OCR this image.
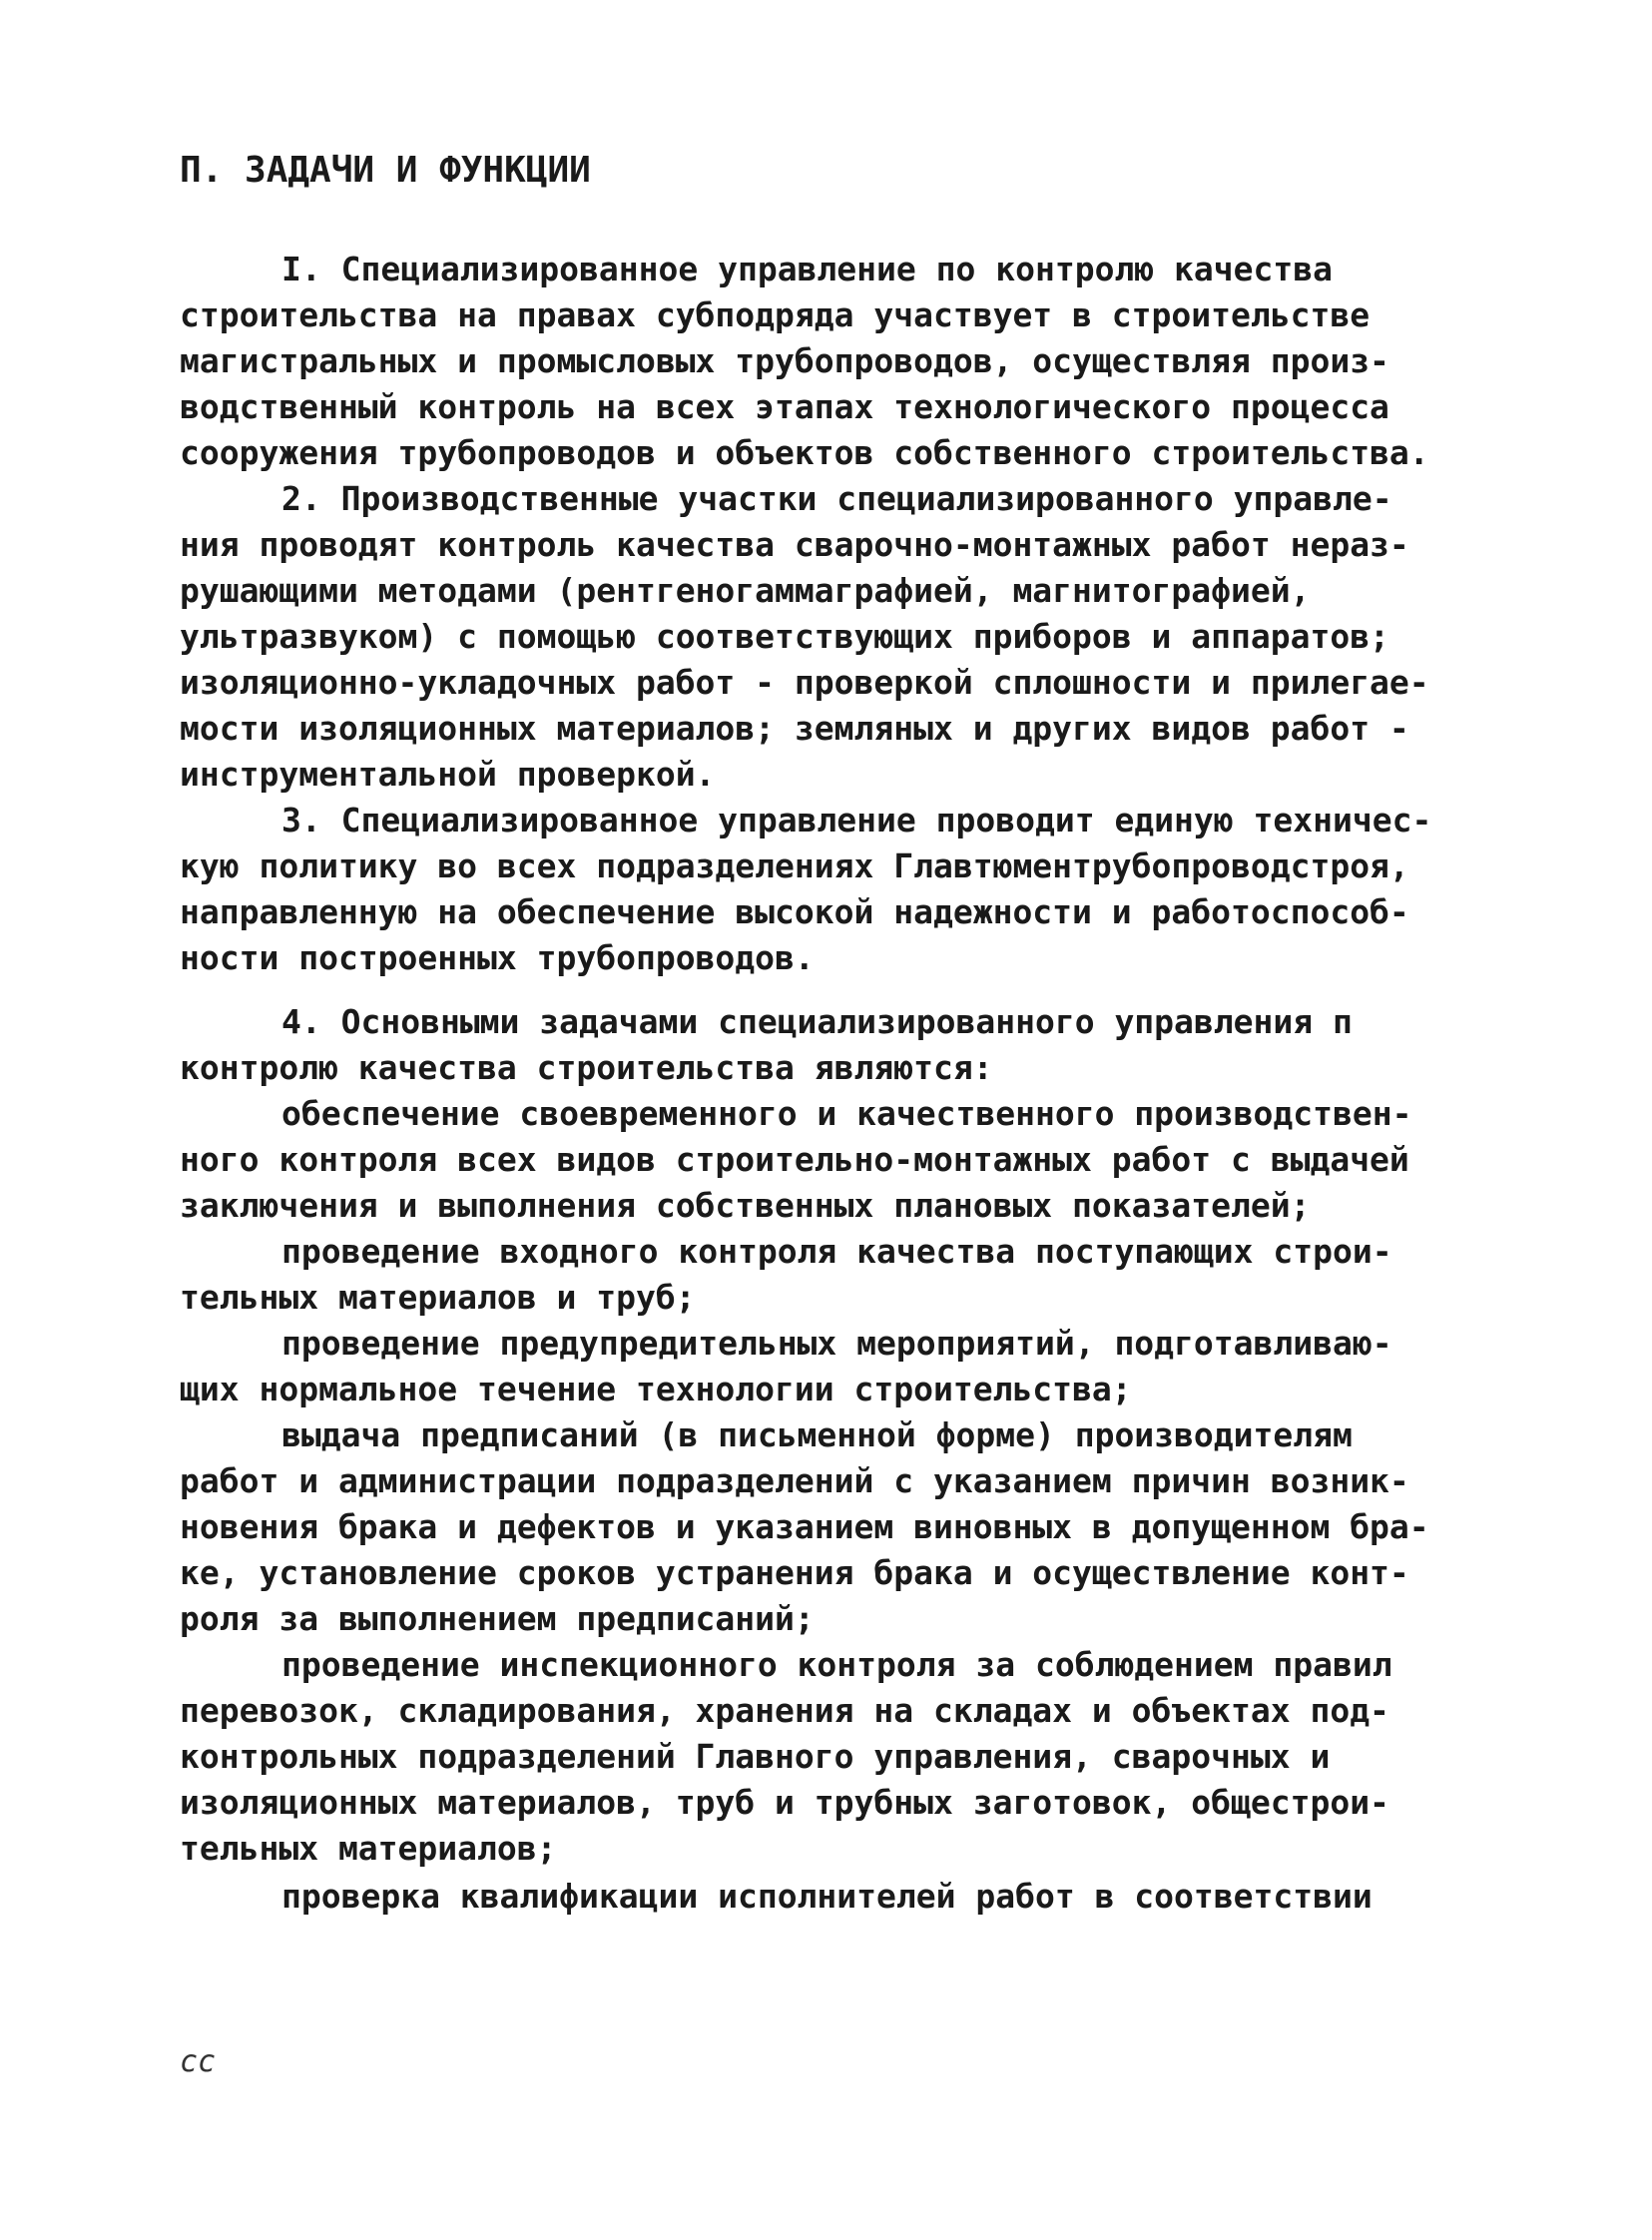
П. ЗАДАЧИ И ФУНКЦИИ
I. Специализированное управление по контролю качества
строительства на правах субподряда участвует в строительстве
магистральных и промысловых трубопроводов, осуществляя произ-
водственный контроль на всех этапах технологического процесса
сооружения трубопроводов и объектов собственного строительства.
2. Производственные участки специализированного управле-
ния проводят контроль качества сварочно-монтажных работ нераз-
рушающими методами (рентгеногаммаграфией, магнитографией,
ультразвуком) с помощью соответствующих приборов и аппаратов;
изоляционно-укладочных работ - проверкой сплошности и прилегае-
мости изоляционных материалов; земляных и других видов работ -
инструментальной проверкой.
3. Специализированное управление проводит единую техничес-
кую политику во всех подразделениях Главтюментрубопроводстроя,
направленную на обеспечение высокой надежности и работоспособ-
ности построенных трубопроводов.
4. Основными задачами специализированного управления п
контролю качества строительства являются:
обеспечение своевременного и качественного производствен-
ного контроля всех видов строительно-монтажных работ с выдачей
заключения и выполнения собственных плановых показателей;
проведение входного контроля качества поступающих строи-
тельных материалов и труб;
проведение предупредительных мероприятий, подготавливаю-
щих нормальное течение технологии строительства;
выдача предписаний (в письменной форме) производителям
работ и администрации подразделений с указанием причин возник-
новения брака и дефектов и указанием виновных в допущенном бра-
ке, установление сроков устранения брака и осуществление конт-
роля за выполнением предписаний;
проведение инспекционного контроля за соблюдением правил
перевозок, складирования, хранения на складах и объектах под-
контрольных подразделений Главного управления, сварочных и
изоляционных материалов, труб и трубных заготовок, общестрои-
тельных материалов;
проверка квалификации исполнителей работ в соответствии
сс
